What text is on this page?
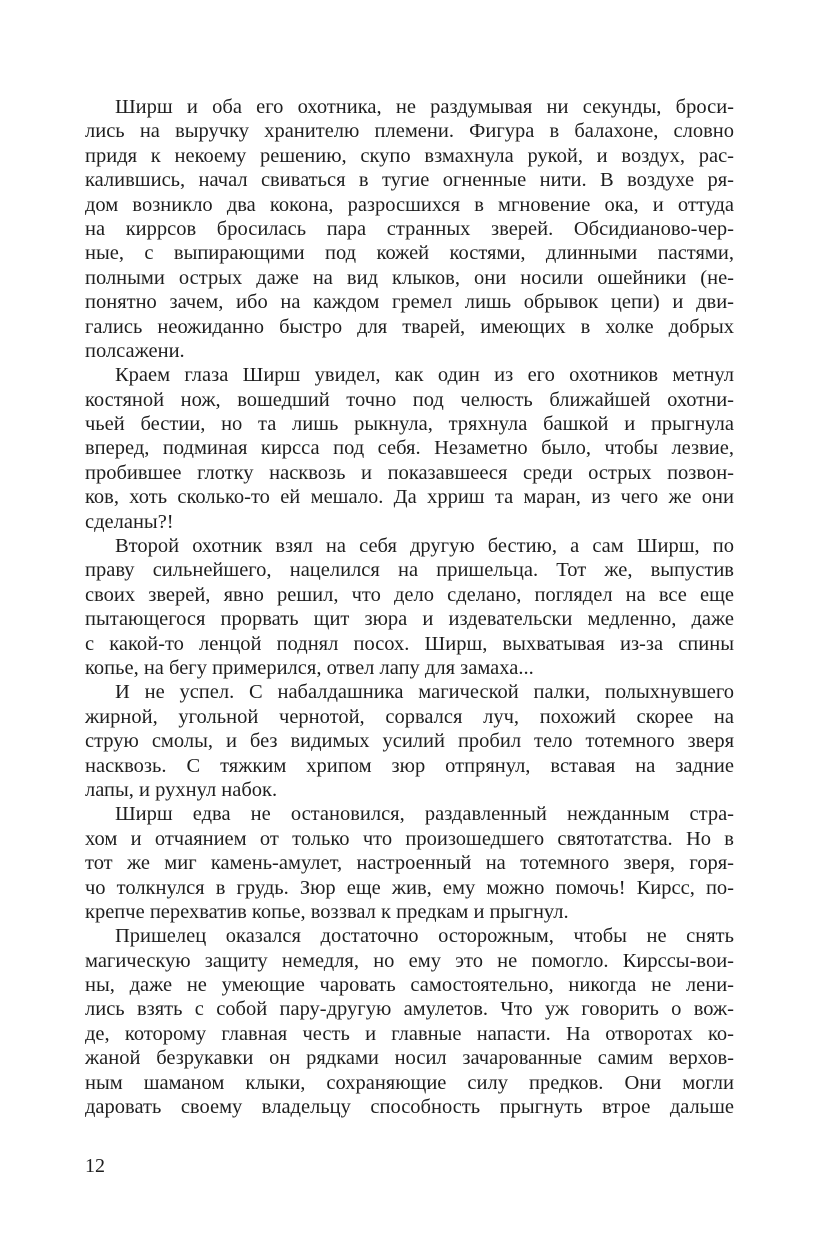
Ширш и оба его охотника, не раздумывая ни секунды, броси-
лись на выручку хранителю племени. Фигура в балахоне, словно
придя к некоему решению, скупо взмахнула рукой, и воздух, рас-
калившись, начал свиваться в тугие огненные нити. В воздухе ря-
дом возникло два кокона, разросшихся в мгновение ока, и оттуда
на киррсов бросилась пара странных зверей. Обсидианово-чер-
ные, с выпирающими под кожей костями, длинными пастями,
полными острых даже на вид клыков, они носили ошейники (не-
понятно зачем, ибо на каждом гремел лишь обрывок цепи) и дви-
гались неожиданно быстро для тварей, имеющих в холке добрых
полсажени.
Краем глаза Ширш увидел, как один из его охотников метнул
костяной нож, вошедший точно под челюсть ближайшей охотни-
чьей бестии, но та лишь рыкнула, тряхнула башкой и прыгнула
вперед, подминая кирсса под себя. Незаметно было, чтобы лезвие,
пробившее глотку насквозь и показавшееся среди острых позвон-
ков, хоть сколько-то ей мешало. Да хрриш та маран, из чего же они
сделаны?!
Второй охотник взял на себя другую бестию, а сам Ширш, по
праву сильнейшего, нацелился на пришельца. Тот же, выпустив
своих зверей, явно решил, что дело сделано, поглядел на все еще
пытающегося прорвать щит зюра и издевательски медленно, даже
с какой-то ленцой поднял посох. Ширш, выхватывая из-за спины
копье, на бегу примерился, отвел лапу для замаха...
И не успел. С набалдашника магической палки, полыхнувшего
жирной, угольной чернотой, сорвался луч, похожий скорее на
струю смолы, и без видимых усилий пробил тело тотемного зверя
насквозь. С тяжким хрипом зюр отпрянул, вставая на задние
лапы, и рухнул набок.
Ширш едва не остановился, раздавленный нежданным стра-
хом и отчаянием от только что произошедшего святотатства. Но в
тот же миг камень-амулет, настроенный на тотемного зверя, горя-
чо толкнулся в грудь. Зюр еще жив, ему можно помочь! Кирсс, по-
крепче перехватив копье, воззвал к предкам и прыгнул.
Пришелец оказался достаточно осторожным, чтобы не снять
магическую защиту немедля, но ему это не помогло. Кирссы-вои-
ны, даже не умеющие чаровать самостоятельно, никогда не лени-
лись взять с собой пару-другую амулетов. Что уж говорить о вож-
де, которому главная честь и главные напасти. На отворотах ко-
жаной безрукавки он рядками носил зачарованные самим верхов-
ным шаманом клыки, сохраняющие силу предков. Они могли
даровать своему владельцу способность прыгнуть втрое дальше
12
